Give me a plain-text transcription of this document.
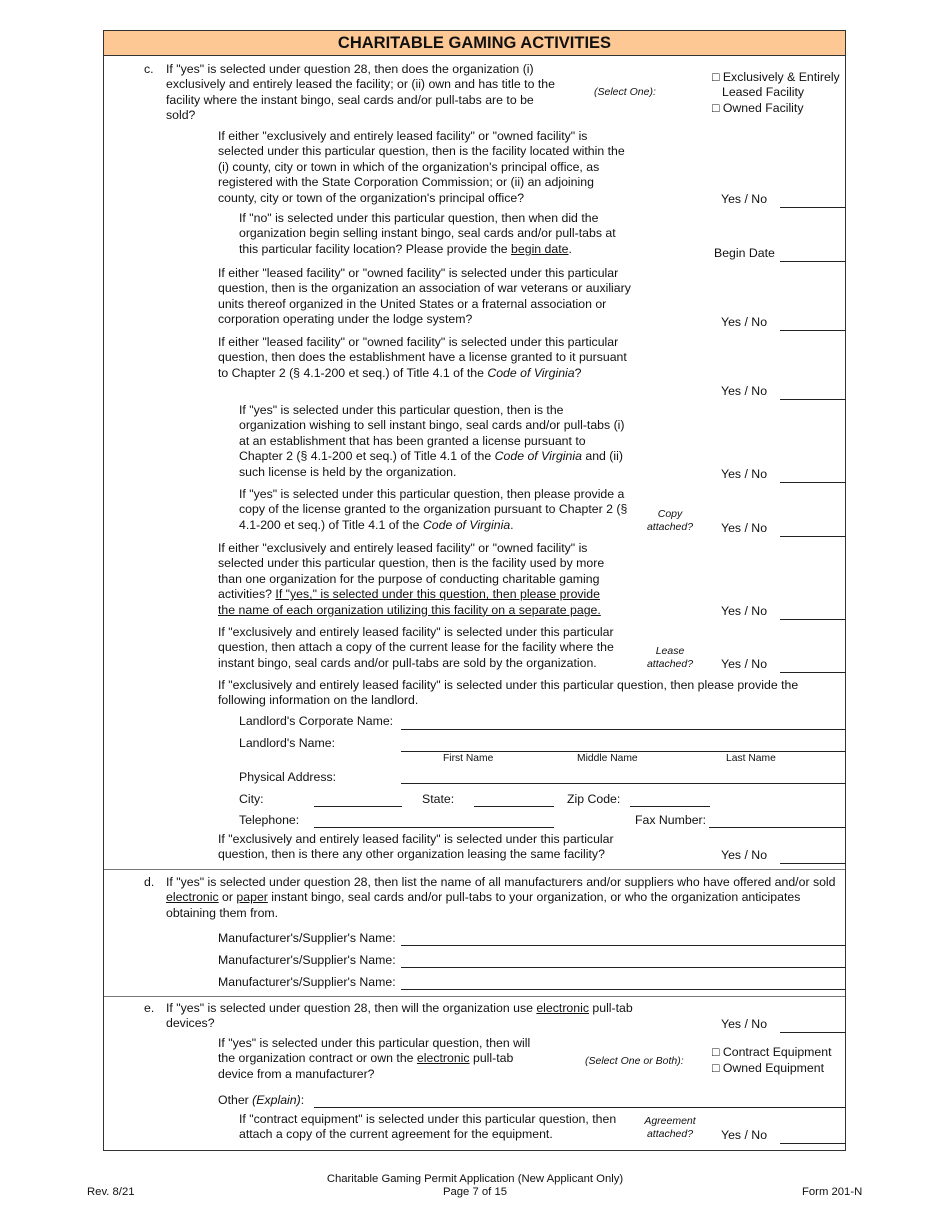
CHARITABLE GAMING ACTIVITIES
c. If "yes" is selected under question 28, then does the organization (i) exclusively and entirely leased the facility; or (ii) own and has title to the facility where the instant bingo, seal cards and/or pull-tabs are to be sold?
(Select One):
□ Exclusively & Entirely
Leased Facility
□ Owned Facility
If either "exclusively and entirely leased facility" or "owned facility" is selected under this particular question, then is the facility located within the (i) county, city or town in which of the organization's principal office, as registered with the State Corporation Commission; or (ii) an adjoining county, city or town of the organization's principal office?	Yes / No
If "no" is selected under this particular question, then when did the organization begin selling instant bingo, seal cards and/or pull-tabs at this particular facility location? Please provide the begin date.	Begin Date
If either "leased facility" or "owned facility" is selected under this particular question, then is the organization an association of war veterans or auxiliary units thereof organized in the United States or a fraternal association or corporation operating under the lodge system?	Yes / No
If either "leased facility" or "owned facility" is selected under this particular question, then does the establishment have a license granted to it pursuant to Chapter 2 (§ 4.1-200 et seq.) of Title 4.1 of the Code of Virginia?
Yes / No
If "yes" is selected under this particular question, then is the organization wishing to sell instant bingo, seal cards and/or pull-tabs (i) at an establishment that has been granted a license pursuant to Chapter 2 (§ 4.1-200 et seq.) of Title 4.1 of the Code of Virginia and (ii) such license is held by the organization.	Yes / No
If "yes" is selected under this particular question, then please provide a copy of the license granted to the organization pursuant to Chapter 2 (§ 4.1-200 et seq.) of Title 4.1 of the Code of Virginia.
Copy attached?	Yes / No
If either "exclusively and entirely leased facility" or "owned facility" is selected under this particular question, then is the facility used by more than one organization for the purpose of conducting charitable gaming activities? If "yes," is selected under this question, then please provide the name of each organization utilizing this facility on a separate page.	Yes / No
If "exclusively and entirely leased facility" is selected under this particular question, then attach a copy of the current lease for the facility where the instant bingo, seal cards and/or pull-tabs are sold by the organization.
Lease attached?	Yes / No
If "exclusively and entirely leased facility" is selected under this particular question, then please provide the following information on the landlord.
Landlord's Corporate Name:
Landlord's Name:
First Name	Middle Name	Last Name
Physical Address:
City:	State:	Zip Code:
Telephone:	Fax Number:
If "exclusively and entirely leased facility" is selected under this particular question, then is there any other organization leasing the same facility?	Yes / No
d. If "yes" is selected under question 28, then list the name of all manufacturers and/or suppliers who have offered and/or sold electronic or paper instant bingo, seal cards and/or pull-tabs to your organization, or who the organization anticipates obtaining them from.
Manufacturer's/Supplier's Name:
Manufacturer's/Supplier's Name:
Manufacturer's/Supplier's Name:
e. If "yes" is selected under question 28, then will the organization use electronic pull-tab devices?	Yes / No
If "yes" is selected under this particular question, then will the organization contract or own the electronic pull-tab device from a manufacturer?
(Select One or Both):
□ Contract Equipment
□ Owned Equipment
Other (Explain):
If "contract equipment" is selected under this particular question, then attach a copy of the current agreement for the equipment.
Agreement attached?	Yes / No
Rev. 8/21
Charitable Gaming Permit Application (New Applicant Only)
Page 7 of 15	Form 201-N
